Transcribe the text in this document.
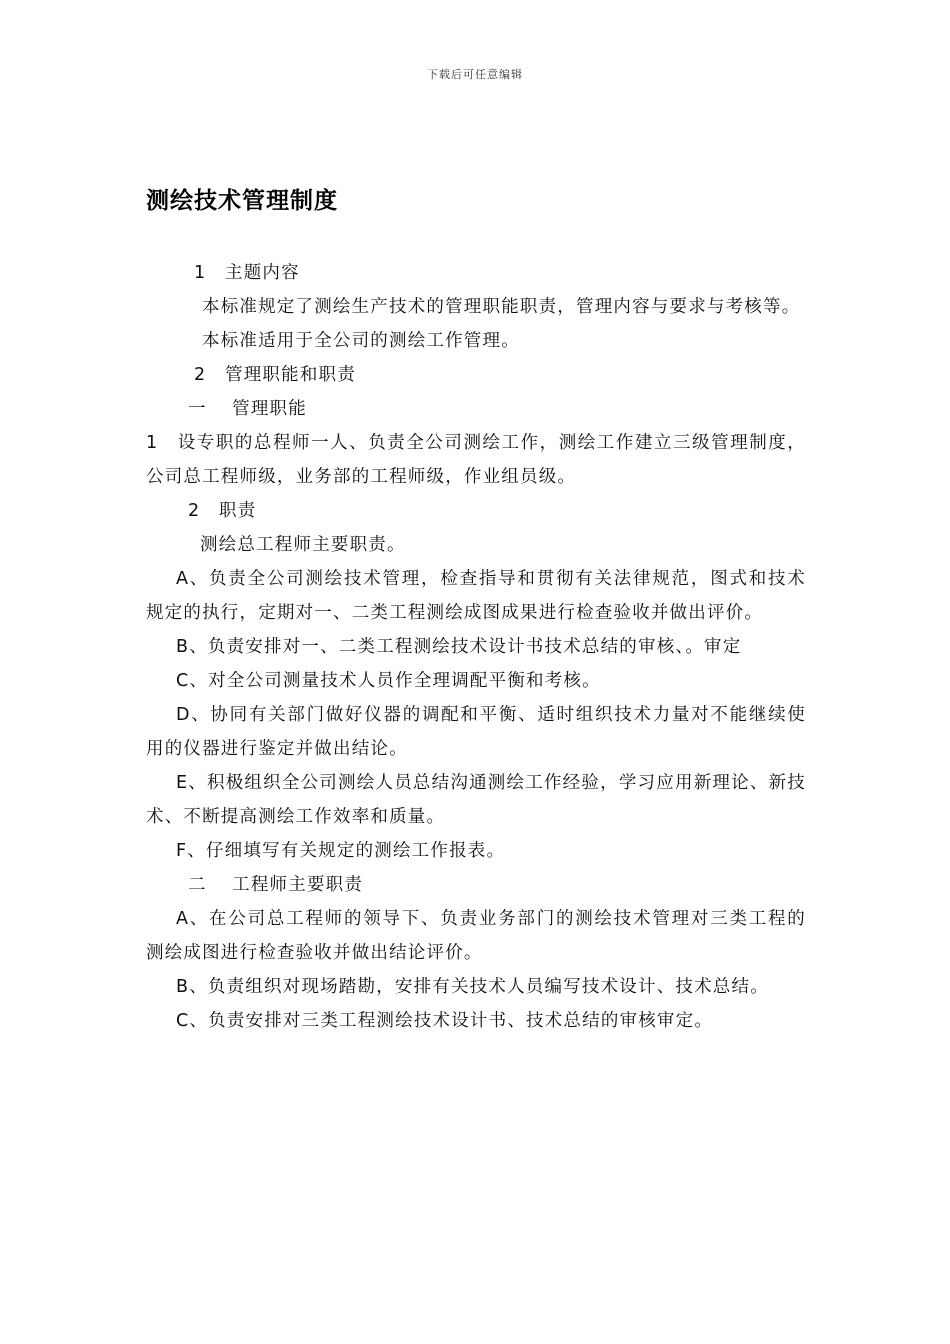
下载后可任意编辑
测绘技术管理制度

1　主题内容

本标准规定了测绘生产技术的管理职能职责，管理内容与要求与考核等。

本标准适用于全公司的测绘工作管理。

2　管理职能和职责

一　 管理职能

1　设专职的总程师一人、负责全公司测绘工作，测绘工作建立三级管理制度，公司总工程师级，业务部的工程师级，作业组员级。

2　职责

测绘总工程师主要职责。

A、负责全公司测绘技术管理，检查指导和贯彻有关法律规范，图式和技术规定的执行，定期对一、二类工程测绘成图成果进行检查验收并做出评价。

B、负责安排对一、二类工程测绘技术设计书技术总结的审核、。审定

C、对全公司测量技术人员作全理调配平衡和考核。

D、协同有关部门做好仪器的调配和平衡、适时组织技术力量对不能继续使用的仪器进行鉴定并做出结论。

E、积极组织全公司测绘人员总结沟通测绘工作经验，学习应用新理论、新技术、不断提高测绘工作效率和质量。

F、仔细填写有关规定的测绘工作报表。

二　 工程师主要职责

A、在公司总工程师的领导下、负责业务部门的测绘技术管理对三类工程的测绘成图进行检查验收并做出结论评价。

B、负责组织对现场踏勘，安排有关技术人员编写技术设计、技术总结。

C、负责安排对三类工程测绘技术设计书、技术总结的审核审定。
